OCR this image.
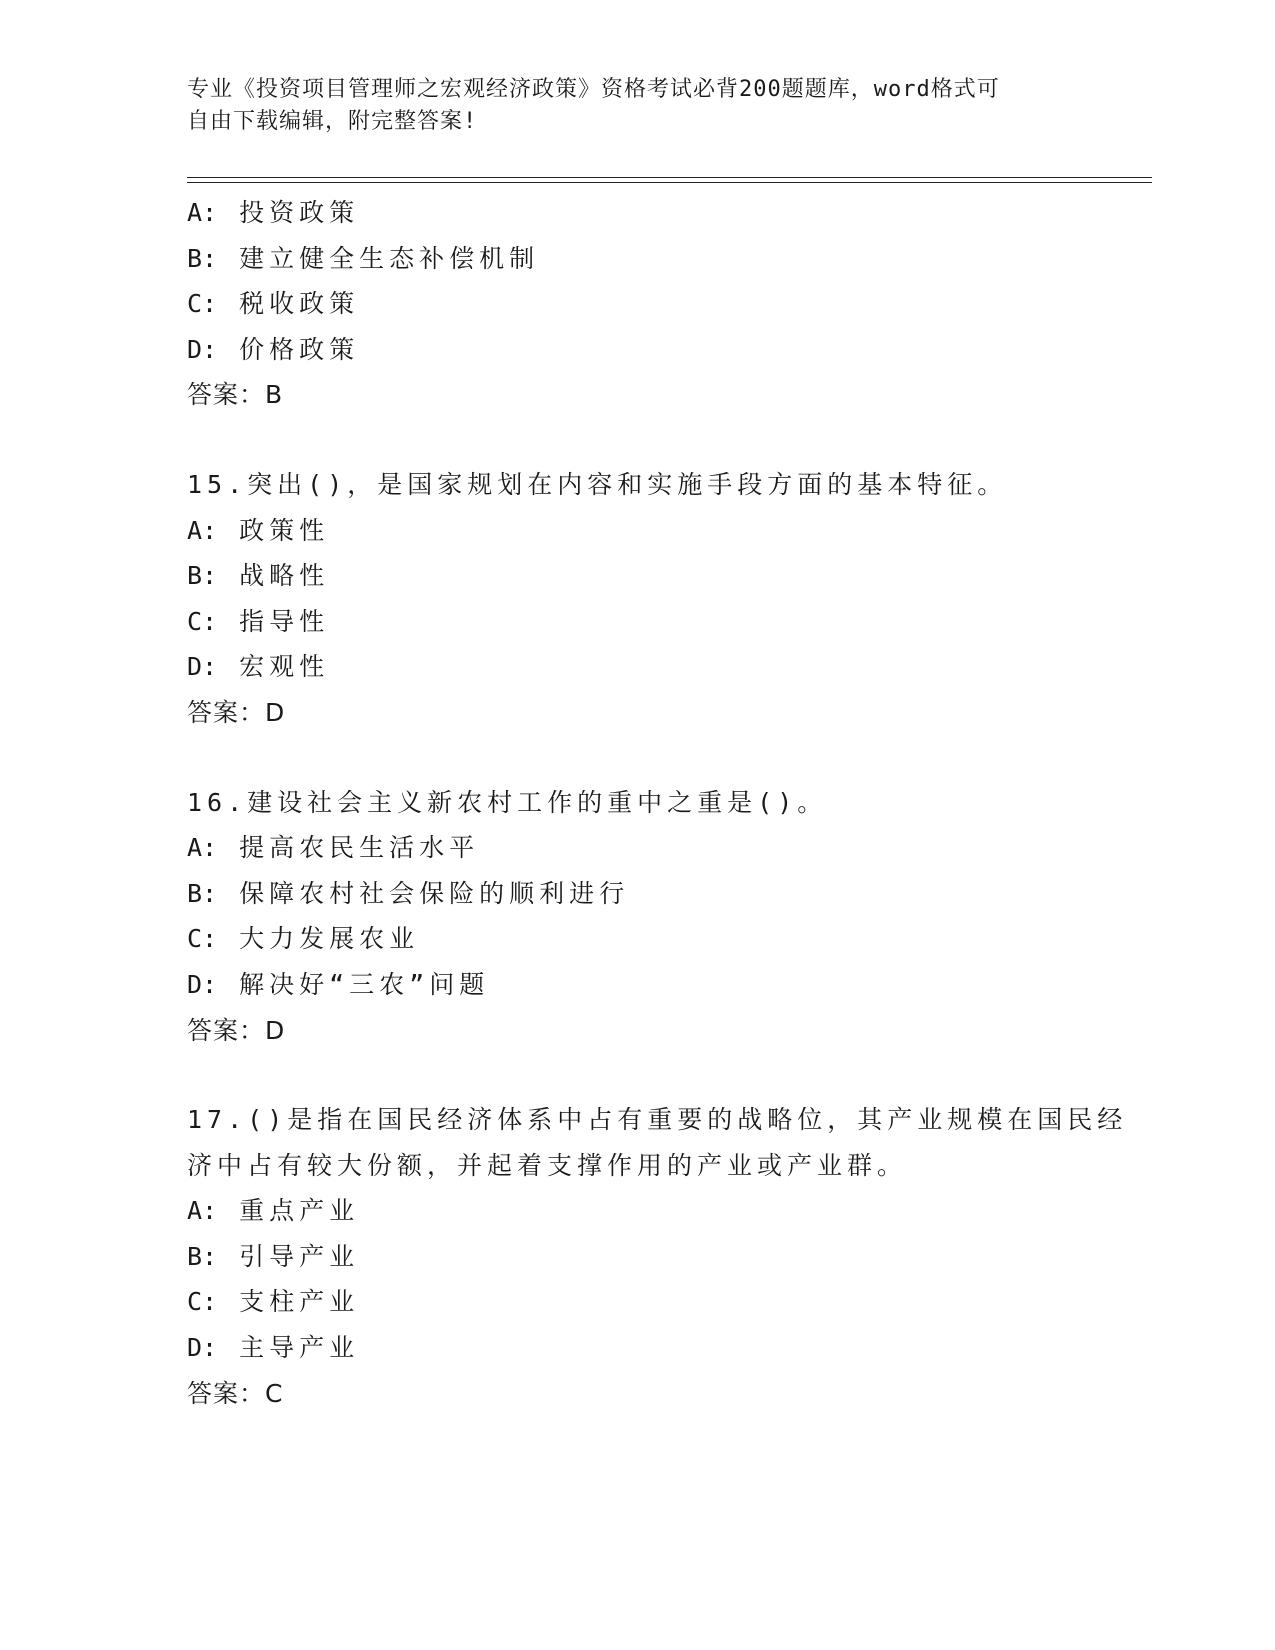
专业《投资项目管理师之宏观经济政策》资格考试必背200题题库，word格式可
自由下载编辑，附完整答案!
A: 投资政策
B: 建立健全生态补偿机制
C: 税收政策
D: 价格政策
答案：B
15.突出()，是国家规划在内容和实施手段方面的基本特征。
A: 政策性
B: 战略性
C: 指导性
D: 宏观性
答案：D
16.建设社会主义新农村工作的重中之重是()。
A: 提高农民生活水平
B: 保障农村社会保险的顺利进行
C: 大力发展农业
D: 解决好“三农”问题
答案：D
17.()是指在国民经济体系中占有重要的战略位，其产业规模在国民经
济中占有较大份额，并起着支撑作用的产业或产业群。
A: 重点产业
B: 引导产业
C: 支柱产业
D: 主导产业
答案：C
